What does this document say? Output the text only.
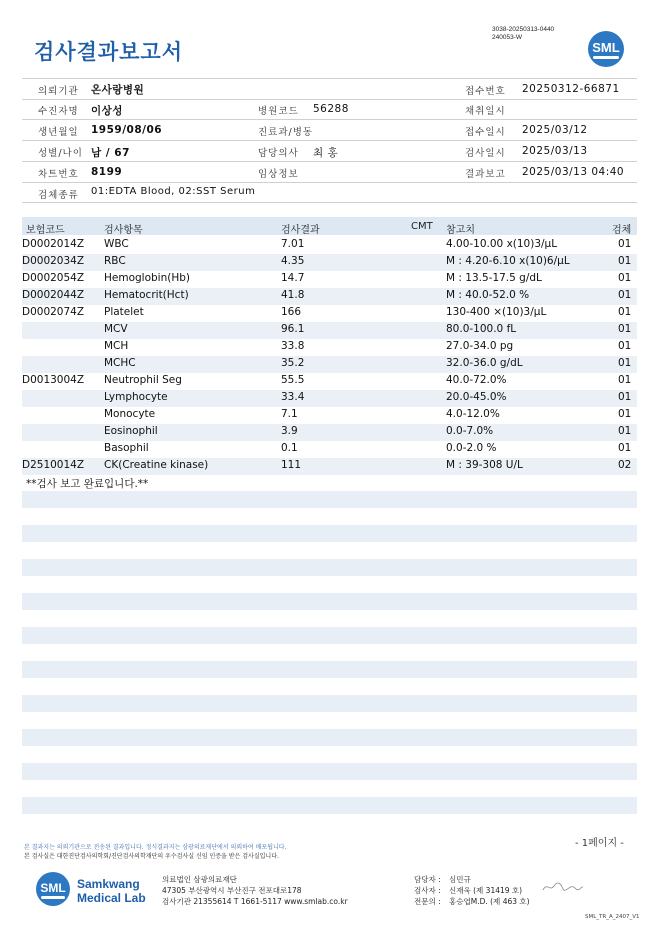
3038-20250313-0440
240053-W
검사결과보고서	SML
의뢰기관 온사랑병원	접수번호 20250312-66871
수진자명 이상성	병원코드 56288	채취일시
생년월일 1959/08/06	진료과/병동	접수일시 2025/03/12
성별/나이 남 / 67	담당의사 최 홍	검사일시 2025/03/13
차트번호 8199	임상정보	결과보고 2025/03/13 04:40
검체종류 01:EDTA Blood, 02:SST Serum
보험코드	검사항목	검사결과	CMT 참고치	검체
D0002014Z WBC	7.01	4.00-10.00 x(10)3/μL	01
D0002034Z RBC	4.35	M : 4.20-6.10 x(10)6/μL	01
D0002054Z Hemoglobin(Hb)	14.7	M : 13.5-17.5 g/dL	01
D0002044Z Hematocrit(Hct)	41.8	M : 40.0-52.0 %	01
D0002074Z Platelet	166	130-400 ×(10)3/μL	01
MCV	96.1	80.0-100.0 fL	01
MCH	33.8	27.0-34.0 pg	01
MCHC	35.2	32.0-36.0 g/dL	01
D0013004Z Neutrophil Seg	55.5	40.0-72.0%	01
Lymphocyte	33.4	20.0-45.0%	01
Monocyte	7.1	4.0-12.0%	01
Eosinophil	3.9	0.0-7.0%	01
Basophil	0.1	0.0-2.0 %	01
D2510014Z CK(Creatine kinase)	111	M : 39-308 U/L	02
**검사 보고 완료입니다.**
- 1페이지 -
본 결과지는 의뢰기관으로 전송된 결과입니다. 정식결과지는 삼광의료재단에서 의뢰하여 배포됩니다.
본 검사실은 대한진단검사의학회/진단검사의학재단의 우수검사실 신임 인증을 받은 검사실입니다.
SML Samkwang
Medical Lab
의료법인 삼광의료재단
47305 부산광역시 부산진구 전포대로178
검사기관 21355614 T 1661-5117 www.smlab.co.kr
담당자 : 심민규
검사자 : 신재욱 (제 31419 호)
전문의 : 홍승엽M.D. (제 463 호)
SML_TR_A_2407_V1
